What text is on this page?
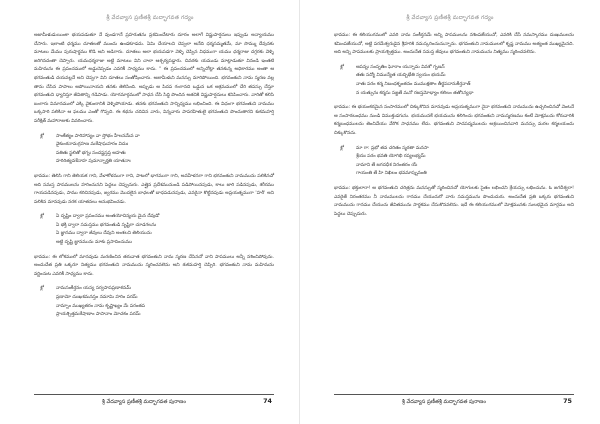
శ్రీ వేదవ్యాస ప్రణీతశ్రీ మద్భాగవత గద్యం

అజామీళుడుయింకా భయపడుతూ నే వుండగానే ప్రహరుతను ప్రశమించేటారు దూరం అలాగే విష్ణుపార్షదులు ఇప్పుడు అన్యాయము చేసారు. ఇలాంటి ధర్మము దూతలతో ముందు ఉండకూడదు. ఏమి చేయాలని చెప్పలా అనేది ధర్మసమ్మతమే, మా సొమ్ము దేవునకు మాటలు మేము పురుషార్థము కొడి అని అడిగారు. దూతలు అలా భయపడగా వెళ్ళి చెప్పిన విధముగా యము ధర్మరాజు దగ్గరకు వెళ్ళి జరిగినదంతా చెప్పారు. యమధర్మరాజు అట్టి మాటలు విని చాలా ఆశ్చర్యపడ్డారు. చివరకు యముడు మాట్లాడుతూ వినండి ఇంతటి మహిమను ఈ ప్రపంచములో అడ్డుచెప్పడం ఎవరికీ సాధ్యము కాదు. " ఈ ప్రపంచములో అన్నిచోట్లా తనకున్న అధికారము అంతా ఆ భగవంతుడి దయవల్లనే అని చెప్పగా విని దూతలు సంతోషించారు. అజామీళుని మనస్సు మారిపోయింది. భగవంతుని నామ స్మరణ వల్ల తాను చేసిన పాపాలు ఆపోయినాయని తనకు తెలిసింది. అప్పుడు ఆ పిదప గంగానది ఒడ్డున ఒక ఆశ్రమములో చేరి తపస్సు చేస్తూ భగవంతుని ధ్యానిస్తూ జీవితాన్ని గడిపాడు. యోగమార్గములో సాధన చేసి సిద్ధి పొందిన అతనికి విష్ణుపార్షదులు కనిపించారు. వారితో కలిసి బంగారు విమానములో ఎక్కి వైకుంఠానికి వెళ్ళిపోయాడు. తనకు భగవంతుని సాన్నిధ్యము లభించింది. ఈ విధంగా భగవంతుని నామము ఒక్కసారి పలికినా ఆ ఫలము ఎంతో గొప్పది. ఈ కథను చదివిన వారు, విన్నవారు పాపరహితులై భగవంతుని పొందుతారని శుకమహర్షి పరీక్షిత్ మహారాజుకు వివరించారు.

శ్లో	సాంకేత్యం పారిహాస్యం వా స్తోభం హేలనమేవ వా
వైకుంఠనామగ్రహణ మశేషాఘహరం విదుః
పతితః స్ఖలితో భగ్నః సందష్టస్తప్త ఆహతః
హరిరిత్యవశేనాహ పుమాన్నార్హతి యాతనాః

భావము: తెలిసి గాని తెలియక గాని, వేళాకోళముగా గాని, పాటలో భాగముగా గాని, అవహేళనగా గాని భగవంతుని నామమును పలికినచో అది సమస్త పాపములను హరించునని పెద్దలు చెప్పుదురు. ఎత్తైన ప్రదేశమునుండి పడిపోయినపుడు, కాలు జారి పడినపుడు, శరీరము గాయపడినపుడు, పాము కరిచినపుడు, జ్వరము మొదలైన బాధలతో బాధపడునపుడు, ఎవరైనా కొట్టినపుడు అప్రయత్నముగా 'హరీ' అని పలికిన మానవుడు నరక యాతనలు అనుభవించడు.

శ్లో	ఏ దృష్టిం ద్వారా ప్రపంచము అంతయోచిన్మయ మైన దేవుడో
ఏ భక్తి ద్వారా సమస్తము భగవంతుడి సృష్టిగా చూడగలను
ఏ జ్ఞానము ద్వారా జీవులు దేవుని అంశలని తెలియును
అట్టి దృష్టి జ్ఞానమును మాకు ప్రసాదించుము

భావము: ఈ లోకములో మానవుడు మరణించిన తరువాత భగవంతుని నామ స్మరణ చేసినచో వాని పాపములు అన్నీ నశించిపోవును. అందుచేత ప్రతి ఒక్కరూ నిత్యము భగవంతుని నామమును స్మరించవలెను అని శుకమహర్షి చెప్పిరి. భగవంతుని నామ మహిమను వర్ణించుట ఎవరికీ సాధ్యము కాదు.

శ్లో	నామసంకీర్తనం యస్య సర్వపాపప్రణాశనమ్
ప్రణామో దుఃఖశమనస్తం నమామి హరిం పరమ్
నామ్నాం ముఖ్యతరం నామ కృష్ణాఖ్యం మే పరంతప
ప్రాయశ్చిత్తమశేషాణాం పాపానాం మోచకం పరమ్
శ్రీ వేదవ్యాస ప్రణీతశ్రీ మద్భాగవత పురాణం	74
శ్రీ వేదవ్యాస ప్రణీతశ్రీ మద్భాగవత గద్యం

భావము: ఈ కలియుగములో ఎవరి నామ సంకీర్తనమే అన్ని పాపములను నశింపజేయునో, ఎవరికి చేసే నమస్కారము దుఃఖములను శమింపజేయునో, అట్టి పరమేశ్వరుడైన శ్రీహరికి నమస్కరించుచున్నాను. భగవంతుని నామములలో కృష్ణ నామము అత్యంత ముఖ్యమైనది. అది అన్ని పాపములకు ప్రాయశ్చిత్తము. అందుచేత సమస్త జీవులు భగవంతుని నామమును నిత్యము స్మరించవలెను.

శ్లో	ఆపన్నః సంసృతిం ఘోరాం యన్నామ వివశో గృణన్
తతః సద్యో విముచ్యేత యద్బిభేతి స్వయం భయమ్
నాతః పరం కర్మ నిబంధకృంతనం ముముక్షతాం తీర్థపదానుకీర్తనాత్
న యత్పునః కర్మసు సజ్జతే మనో రజస్తమోభ్యాం కలిలం తతోऽన్యథా

భావము: ఈ భయంకరమైన సంసారములో చిక్కుకొనిన మానవుడు అప్రయత్నముగా నైనా భగవంతుని నామమును ఉచ్చరించినచో వెంటనే ఆ సంసారబంధము నుండి విముక్తుడగును. భయమునకే భయమును కలిగించు భగవంతుని నామస్మరణము కంటే మోక్షమును కోరువారికి కర్మబంధములను తెంచివేయు వేరొక సాధనము లేదు. భగవంతుని పాదపద్మములను ఆశ్రయించినవారి మనస్సు మరల కర్మలయందు చిక్కుకొనదు.

శ్లో	మా గా: ప్రభో తవ చరితం స్మరతా మనసా
శ్రేయః పరం భవతి యోగిభి రప్యలభ్యమ్
నామాని తే జగదధీశ నిరంతరం యే
గాయంతి తే హి నిఖిలం భవమాప్నువంతి

భావము: భక్తులారా! ఆ భగవంతుని చరిత్రను మనస్సుతో స్మరించినచో యోగులకు సైతం లభించని శ్రేయస్సు లభించును. ఓ జగదీశ్వరా! ఎవరైతే నిరంతరము నీ నామములను గానము చేయుదురో వారు సమస్తమును పొందుదురు. అందుచేత ప్రతి ఒక్కరు భగవంతుని నామమును గానము చేయుచు జీవితమును సార్థకము చేసుకొనవలెను. ఇదే ఈ కలియుగములో మోక్షమునకు సులభమైన మార్గము అని పెద్దలు చెప్పుదురు.

శ్రీ వేదవ్యాస ప్రణీతశ్రీ మద్భాగవత పురాణం	75
